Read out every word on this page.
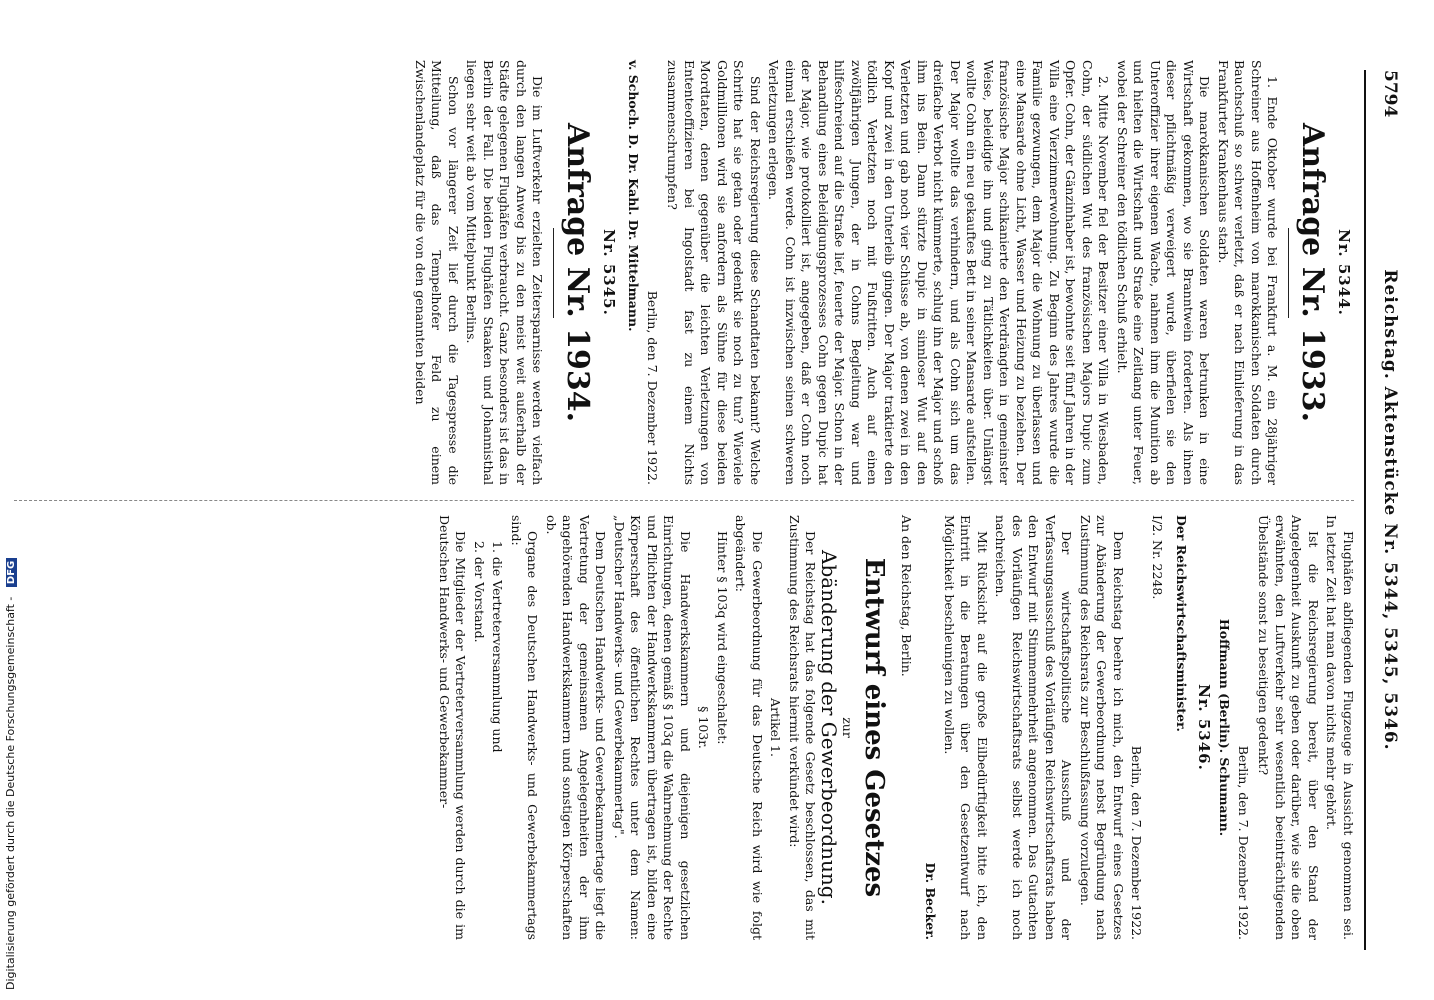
Digitalisierung gefördert durch die Deutsche Forschungsgemeinschaft - DFG
5794
Reichstag. Aktenstücke Nr. 5344, 5345, 5346.
Nr. 5344.
Anfrage Nr. 1933.

1. Ende Oktober wurde bei Frankfurt a. M. ein 28jähriger Schreiner aus Hoffenheim von marokkanischen Soldaten durch Bauchschuß so schwer verletzt, daß er nach Einlieferung in das Frankfurter Krankenhaus starb.

Die marokkanischen Soldaten waren betrunken in eine Wirtschaft gekommen, wo sie Branntwein forderten. Als ihnen dieser pflichtmäßig verweigert wurde, überfielen sie den Unteroffizier ihrer eigenen Wache, nahmen ihm die Munition ab und hielten die Wirtschaft und Straße eine Zeitlang unter Feuer, wobei der Schreiner den tödlichen Schuß erhielt.

2. Mitte November fiel der Besitzer einer Villa in Wiesbaden, Cohn, der südlichen Wut des französischen Majors Dupic zum Opfer. Cohn, der Gänzinhaber ist, bewohnte seit fünf Jahren in der Villa eine Vierzimmerwohnung. Zu Beginn des Jahres wurde die Familie gezwungen, dem Major die Wohnung zu überlassen und eine Mansarde ohne Licht, Wasser und Heizung zu beziehen. Der französische Major schikanierte den Verdrängten in gemeinster Weise, beleidigte ihn und ging zu Tätlichkeiten über. Unlängst wollte Cohn ein neu gekauftes Bett in seiner Mansarde aufstellen. Der Major wollte das verhindern, und als Cohn sich um das dreifache Verbot nicht kümmerte, schlug ihn der Major und schoß ihm ins Bein. Dann stürzte Dupic in sinnloser Wut auf den Verletzten und gab noch vier Schüsse ab, von denen zwei in den Kopf und zwei in den Unterleib gingen. Der Major traktierte den tödlich Verletzten noch mit Fußtritten. Auch auf einen zwölfjährigen Jungen, der in Cohns Begleitung war und hilfeschreiend auf die Straße lief, feuerte der Major. Schon in der Behandlung eines Beleidigungsprozesses Cohn gegen Dupic hat der Major, wie protokolliert ist, angegeben, daß er Cohn noch einmal erschießen werde. Cohn ist inzwischen seinen schweren Verletzungen erlegen.

Sind der Reichsregierung diese Schandtaten bekannt? Welche Schritte hat sie getan oder gedenkt sie noch zu tun? Wieviele Goldmillionen wird sie anfordern als Sühne für diese beiden Mordtaten, denen gegenüber die leichten Verletzungen von Ententeoffizieren bei Ingolstadt fast zu einem Nichts zusammenschrumpfen?

Berlin, den 7. Dezember 1922.
v. Schoch. D. Dr. Kahl. Dr. Mittelmann.
Nr. 5345.
Anfrage Nr. 1934.

Die im Luftverkehr erzielten Zeitersparnisse werden vielfach durch den langen Anweg bis zu den meist weit außerhalb der Städte gelegenen Flughäfen verbraucht. Ganz besonders ist das in Berlin der Fall. Die beiden Flughäfen Staaken und Johannisthal liegen sehr weit ab vom Mittelpunkt Berlins.

Schon vor längerer Zeit lief durch die Tagespresse die Mitteilung, daß das Tempelhofer Feld zu einem Zwischenlandeplatz für die von den genannten beiden

Flughäfen abfliegenden Flugzeuge in Aussicht genommen sei. In letzter Zeit hat man davon nichts mehr gehört.

Ist die Reichsregierung bereit, über den Stand der Angelegenheit Auskunft zu geben oder darüber, wie sie die oben erwähnten, den Luftverkehr sehr wesentlich beeinträchtigenden Übelstände sonst zu beseitigen gedenkt?

Berlin, den 7. Dezember 1922.
Hoffmann (Berlin). Schumann.
Nr. 5346.
Der Reichswirtschaftsminister.
I/2. Nr. 2248.
Berlin, den 7. Dezember 1922.

Dem Reichstag beehre ich mich, den Entwurf eines Gesetzes zur Abänderung der Gewerbeordnung nebst Begründung nach Zustimmung des Reichsrats zur Beschlußfassung vorzulegen.

Der wirtschaftspolitische Ausschuß und der Verfassungsausschuß des Vorläufigen Reichswirtschaftsrats haben den Entwurf mit Stimmenmehrheit angenommen. Das Gutachten des Vorläufigen Reichswirtschaftsrats selbst werde ich noch nachreichen.

Mit Rücksicht auf die große Eilbedürftigkeit bitte ich, den Eintritt in die Beratungen über den Gesetzentwurf nach Möglichkeit beschleunigen zu wollen.

Dr. Becker.
An den Reichstag, Berlin.
Entwurf eines Gesetzes
zur
Abänderung der Gewerbeordnung.

Der Reichstag hat das folgende Gesetz beschlossen, das mit Zustimmung des Reichsrats hiermit verkündet wird:

Artikel 1.

Die Gewerbeordnung für das Deutsche Reich wird wie folgt abgeändert:

Hinter § 103q wird eingeschaltet:

§ 103r.

Die Handwerkskammern und diejenigen gesetzlichen Einrichtungen, denen gemäß § 103q die Wahrnehmung der Rechte und Pflichten der Handwerkskammern übertragen ist, bilden eine Körperschaft des öffentlichen Rechtes unter dem Namen: „Deutscher Handwerks- und Gewerbekammertag".

Dem Deutschen Handwerks- und Gewerbekammertage liegt die Vertretung der gemeinsamen Angelegenheiten der ihm angehörenden Handwerkskammern und sonstigen Körperschaften ob.

Organe des Deutschen Handwerks- und Gewerbekammertags sind:

1. die Vertreterversammlung und
2. der Vorstand.

Die Mitglieder der Vertreterversammlung werden durch die im Deutschen Handwerks- und Gewerbekammer-
